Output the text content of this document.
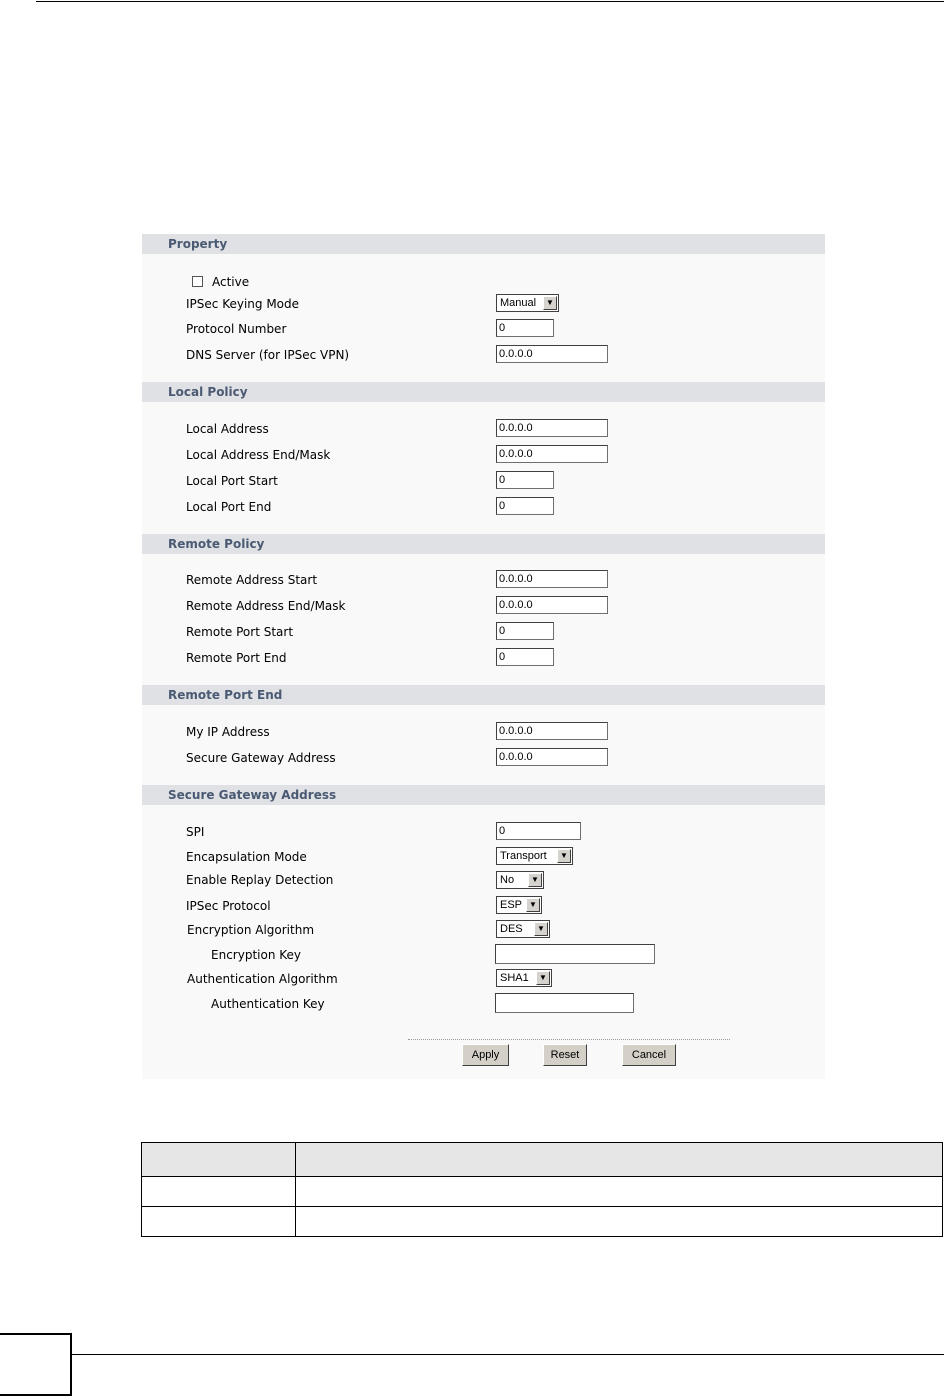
Property
Active
IPSec Keying Mode	Manual	▼
Protocol Number	0
DNS Server (for IPSec VPN)	0.0.0.0
Local Policy
Local Address	0.0.0.0
Local Address End/Mask	0.0.0.0
Local Port Start	0
Local Port End	0
Remote Policy
Remote Address Start	0.0.0.0
Remote Address End/Mask	0.0.0.0
Remote Port Start	0
Remote Port End	0
Remote Port End
My IP Address	0.0.0.0
Secure Gateway Address	0.0.0.0
Secure Gateway Address
SPI	0
Encapsulation Mode	Transport	▼
Enable Replay Detection	No	▼
IPSec Protocol	ESP ▼
Encryption Algorithm	DES	▼
Encryption Key
Authentication Algorithm	SHA1	▼
Authentication Key
Apply	Reset	Cancel
